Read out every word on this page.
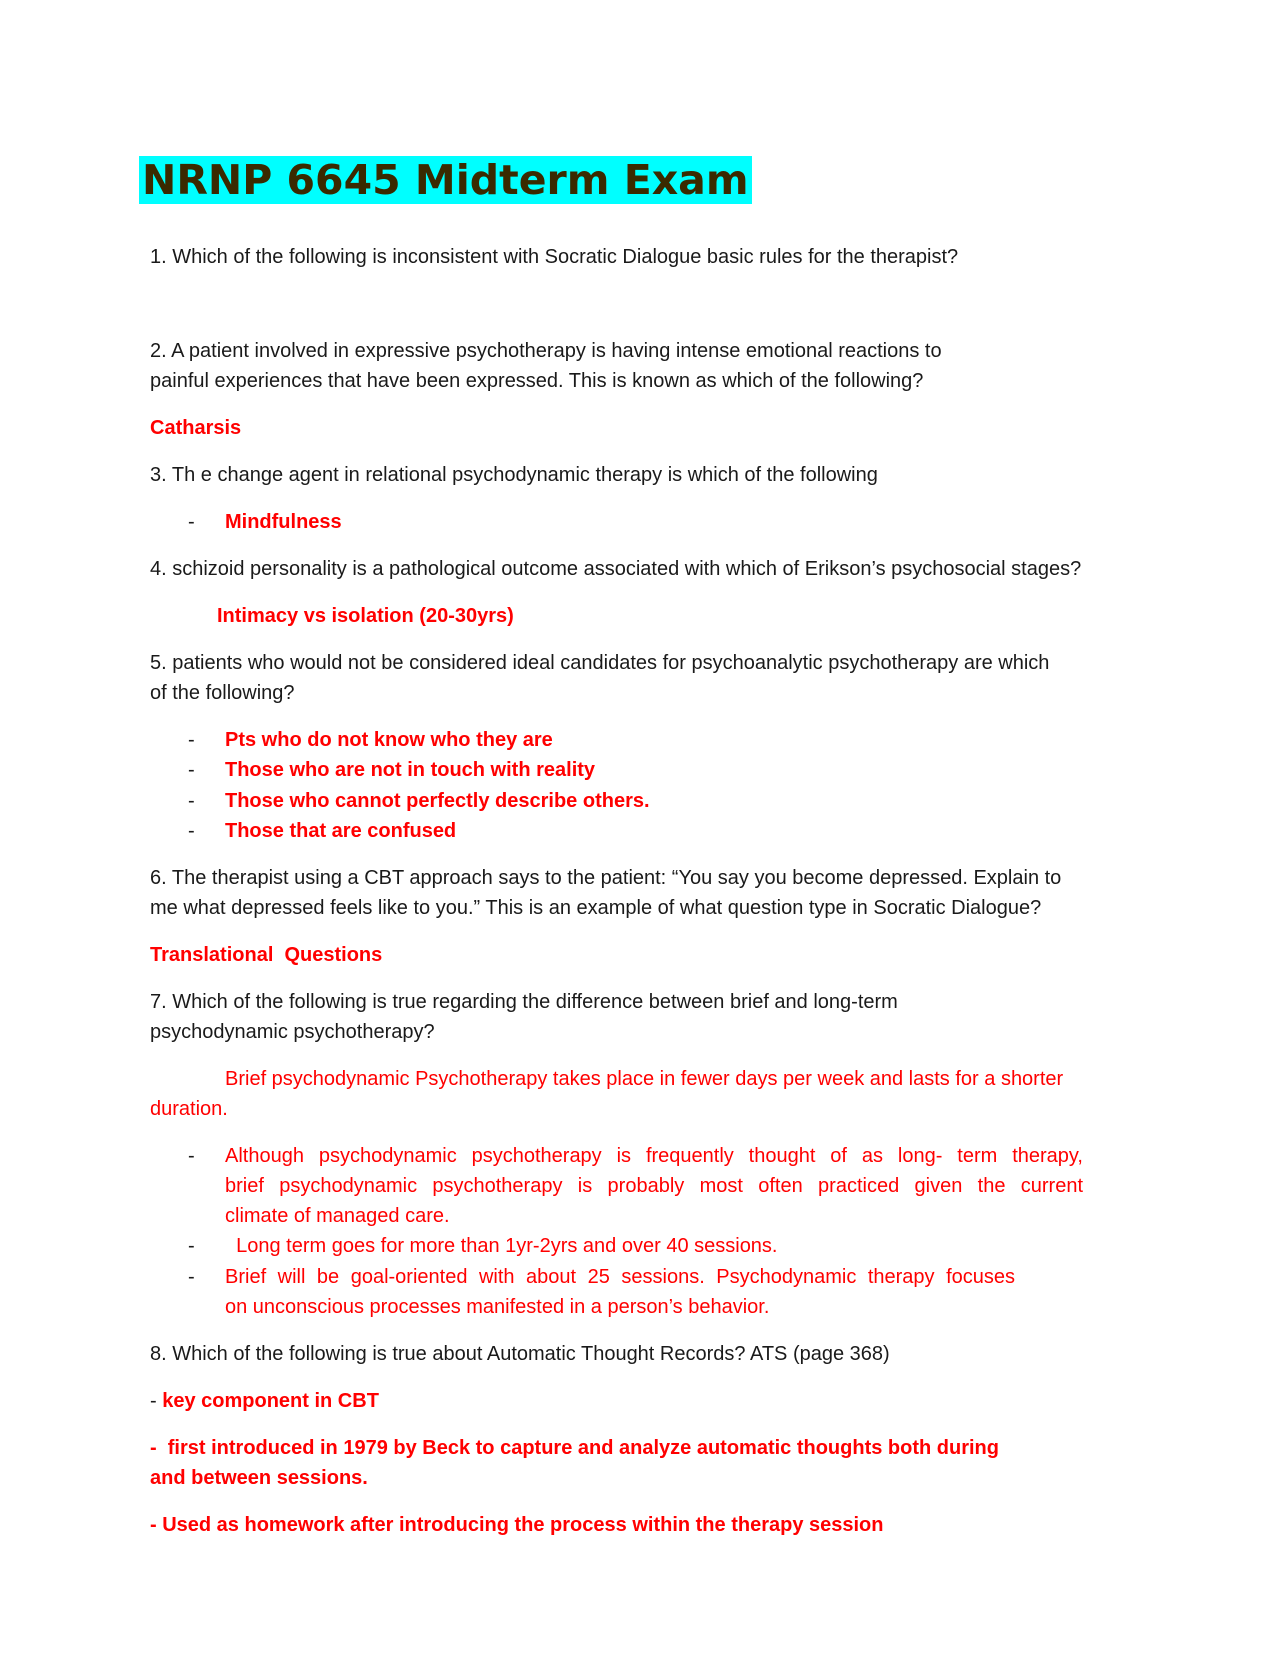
NRNP 6645 Midterm Exam
1. Which of the following is inconsistent with Socratic Dialogue basic rules for the therapist?
2. A patient involved in expressive psychotherapy is having intense emotional reactions to
painful experiences that have been expressed. This is known as which of the following?
Catharsis
3. Th e change agent in relational psychodynamic therapy is which of the following
- Mindfulness
4. schizoid personality is a pathological outcome associated with which of Erikson’s psychosocial stages?
Intimacy vs isolation (20-30yrs)
5. patients who would not be considered ideal candidates for psychoanalytic psychotherapy are which
of the following?
- Pts who do not know who they are
- Those who are not in touch with reality
- Those who cannot perfectly describe others.
- Those that are confused
6. The therapist using a CBT approach says to the patient: “You say you become depressed. Explain to
me what depressed feels like to you.” This is an example of what question type in Socratic Dialogue?
Translational  Questions
7. Which of the following is true regarding the difference between brief and long-term
psychodynamic psychotherapy?
Brief psychodynamic Psychotherapy takes place in fewer days per week and lasts for a shorter
duration.
- Although psychodynamic psychotherapy is frequently thought of as long- term therapy,
brief psychodynamic psychotherapy is probably most often practiced given the current
climate of managed care.
- Long term goes for more than 1yr-2yrs and over 40 sessions.
- Brief will be goal-oriented with about 25 sessions. Psychodynamic therapy focuses
on unconscious processes manifested in a person’s behavior.
8. Which of the following is true about Automatic Thought Records? ATS (page 368)
- key component in CBT
-  first introduced in 1979 by Beck to capture and analyze automatic thoughts both during
and between sessions.
- Used as homework after introducing the process within the therapy session
